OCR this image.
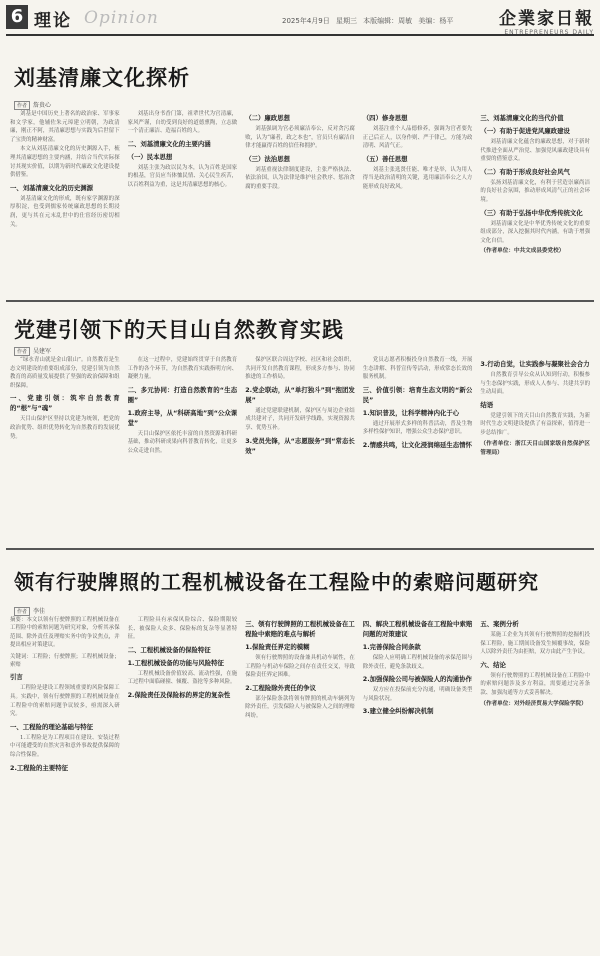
6 理论 Opinion	2025年4月9日 星期三 本版编辑：周敏 美编：杨平	企業家日報
ENTREPRENEURS DAILY
刘基清廉文化探析
作者 詹贵心

刘基是中国历史上著名的政治家、军事家和文学家，他辅佐朱元璋建立明朝，为政清廉，刚正不阿，其清廉思想与实践为后世留下了宝贵的精神财富。

本文从刘基清廉文化的历史渊源入手，梳理其清廉思想的主要内涵，并结合当代实际探讨其现实价值，以期为新时代廉政文化建设提供借鉴。

一、刘基清廉文化的历史渊源

刘基清廉文化的形成，既有家学渊源的深厚积淀，也受到儒家传统廉政思想的长期浸润，更与其在元末乱世中的仕宦经历密切相关。

刘基出身书香门第，祖辈世代为官清廉，家风严谨，自幼受到良好的道德熏陶，立志做一个清正廉洁、造福百姓的人。

二、刘基清廉文化的主要内涵
（一）民本思想

刘基主张为政以民为本，认为百姓是国家的根基，官员应当体恤民情、关心民生疾苦，以百姓利益为重，这是其清廉思想的核心。

（二）廉政思想

刘基强调为官必须廉洁奉公，反对贪污腐败，认为“廉者，政之本也”，官员只有廉洁自律才能赢得百姓的信任和拥护。

（三）法治思想

刘基重视法律制度建设，主张严格执法、依法治国，认为法律是维护社会秩序、惩治贪腐的重要手段。

（四）修身思想

刘基注重个人品德修养，强调为官者要先正己后正人，以身作则、严于律己，方能为政清明、风清气正。

（五）善任思想

刘基主张选贤任能、唯才是举，认为用人得当是政治清明的关键，选用廉洁奉公之人方能形成良好政风。

三、刘基清廉文化的当代价值
（一）有助于促进党风廉政建设

刘基清廉文化蕴含的廉政思想，对于新时代推进全面从严治党、加强党风廉政建设具有重要的借鉴意义。

（二）有助于形成良好社会风气

弘扬刘基清廉文化，有利于营造崇廉尚洁的良好社会氛围，推动形成风清气正的社会环境。

（三）有助于弘扬中华优秀传统文化

刘基清廉文化是中华优秀传统文化的重要组成部分，深入挖掘其时代内涵，有助于增强文化自信。

（作者单位：中共文成县委党校）
党建引领下的天目山自然教育实践
作者 吴建军

“绿水青山就是金山银山”。自然教育是生态文明建设的重要组成部分，党建引领为自然教育的高质量发展提供了坚强的政治保障和组织保障。

一、党建引领：筑牢自然教育的“根”与“魂”

天目山保护区坚持以党建为统领，把党的政治优势、组织优势转化为自然教育的发展优势。

在这一过程中，党建始终贯穿于自然教育工作的各个环节，为自然教育实践指明方向、凝聚力量。

二、多元协同：打造自然教育的“生态圈”
1.政府主导，从“科研高地”到“公众课堂”

天目山保护区依托丰富的自然资源和科研基础，推动科研成果向科普教育转化，让更多公众走进自然。

保护区联合周边学校、社区和社会组织，共同开发自然教育课程，形成多方参与、协同推进的工作格局。

2.党企联动，从“单打独斗”到“抱团发展”

通过党建联建机制，保护区与周边企业结成共建对子，共同开发研学线路，实现资源共享、优势互补。

3.党员先锋，从“志愿服务”到“常态长效”

党员志愿者积极投身自然教育一线，开展生态讲解、科普宣传等活动，形成常态长效的服务机制。

三、价值引领：培育生态文明的“新公民”
1.知识普及，让科学精神内化于心

通过开展形式多样的科普活动，普及生物多样性保护知识，增强公众生态保护意识。

2.情感共鸣，让文化浸润绵延生态情怀
3.行动自觉，让实践参与凝聚社会合力

自然教育引导公众从认知到行动，积极参与生态保护实践，形成人人参与、共建共享的生动局面。

结语

党建引领下的天目山自然教育实践，为新时代生态文明建设提供了有益探索，值得进一步总结推广。

（作者单位：浙江天目山国家级自然保护区管理局）
领有行驶牌照的工程机械设备在工程险中的索赔问题研究
作者 李佳
摘要：本文以领有行驶牌照的工程机械设备在工程险中的索赔问题为研究对象，分析其承保范围、除外责任及理赔实务中的争议焦点，并提出相应对策建议。
关键词：工程险；行驶牌照；工程机械设备；索赔
引言

工程险是建设工程领域重要的风险保障工具。实践中，领有行驶牌照的工程机械设备在工程险中的索赔问题争议较多，亟需深入研究。

一、工程险的理论基础与特征

1.工程险是为工程项目在建设、安装过程中可能遭受的自然灾害和意外事故提供保障的综合性保险。

2.工程险的主要特征

工程险具有承保风险综合、保险期限较长、被保险人众多、保险标的复杂等显著特征。

二、工程机械设备的保险特征
1.工程机械设备的功能与风险特征

工程机械设备价值较高、流动性强，在施工过程中面临碰撞、倾覆、盗抢等多种风险。

2.保险责任及保险标的界定的复杂性
三、领有行驶牌照的工程机械设备在工程险中索赔的难点与解析
1.保险责任界定的模糊

领有行驶牌照的设备兼具机动车属性，在工程险与机动车保险之间存在责任交叉，导致保险责任界定困难。

2.工程险除外责任的争议

部分保险条款将领有牌照的机动车辆列为除外责任，引发保险人与被保险人之间的理赔纠纷。

四、解决工程机械设备在工程险中索赔问题的对策建议
1.完善保险合同条款

保险人应明确工程机械设备的承保范围与除外责任，避免条款歧义。

2.加强保险公司与被保险人的沟通协作

双方应在投保前充分沟通，明确设备类型与风险状况。

3.建立健全纠纷解决机制
五、案例分析

某施工企业为其领有行驶牌照的挖掘机投保工程险，施工期间设备发生倾覆事故，保险人以除外责任为由拒赔，双方由此产生争议。

六、结论

领有行驶牌照的工程机械设备在工程险中的索赔问题涉及多方利益，需要通过完善条款、加强沟通等方式妥善解决。

（作者单位：对外经济贸易大学保险学院）
